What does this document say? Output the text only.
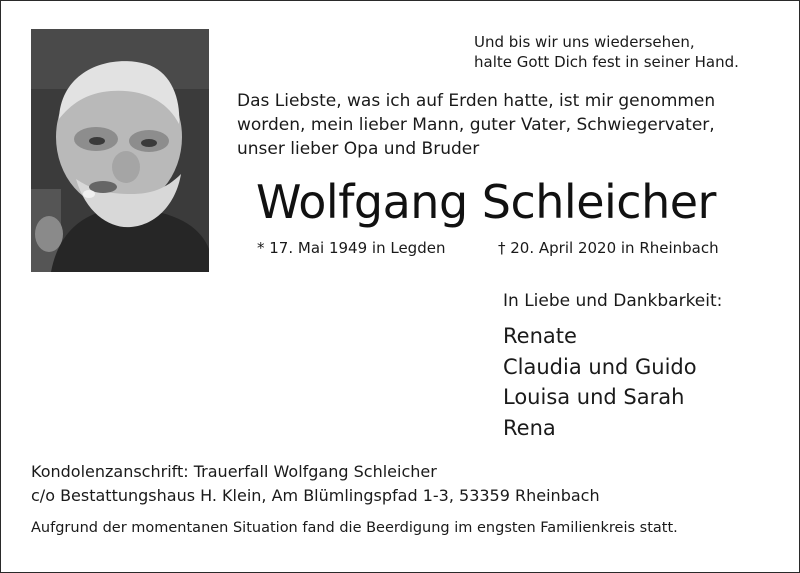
Und bis wir uns wiedersehen,
halte Gott Dich fest in seiner Hand.
Das Liebste, was ich auf Erden hatte, ist mir genommen
worden, mein lieber Mann, guter Vater, Schwiegervater,
unser lieber Opa und Bruder
Wolfgang Schleicher
* 17. Mai 1949 in Legden	† 20. April 2020 in Rheinbach
In Liebe und Dankbarkeit:
Renate
Claudia und Guido
Louisa und Sarah
Rena
Kondolenzanschrift: Trauerfall Wolfgang Schleicher
c/o Bestattungshaus H. Klein, Am Blümlingspfad 1-3, 53359 Rheinbach
Aufgrund der momentanen Situation fand die Beerdigung im engsten Familienkreis statt.
